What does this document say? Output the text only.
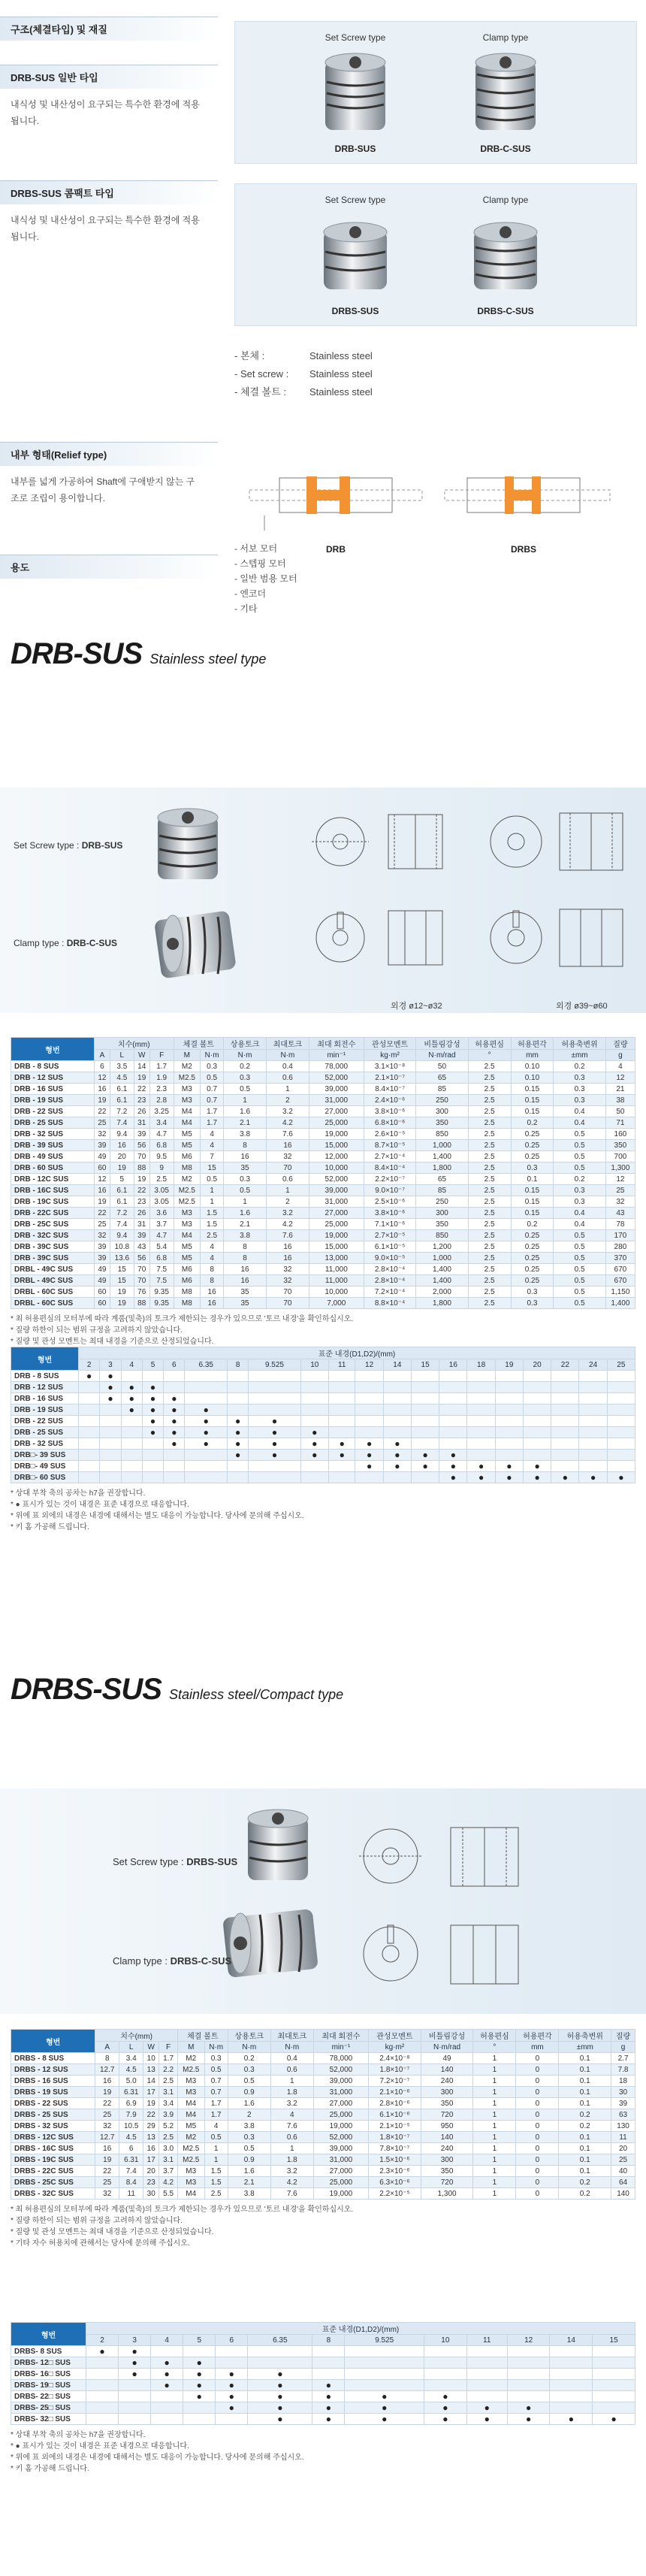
구조(체결타입) 및 재질
DRB-SUS 일반 타입
내식성 및 내산성이 요구되는 특수한 환경에 적용됩니다.
Set Screw type	Clamp type
DRB-SUS	DRB-C-SUS
DRBS-SUS 콤팩트 타입
내식성 및 내산성이 요구되는 특수한 환경에 적용됩니다.
Set Screw type	Clamp type
DRBS-SUS	DRBS-C-SUS
- 본체 :	Stainless steel
- Set screw : Stainless steel
- 체결 볼트 : Stainless steel
내부 형태(Relief type)
내부를 넓게 가공하여 Shaft에 구애받지 않는 구조로 조립이 용이합니다.
DRB	DRBS
용도
- 서보 모터
- 스텝핑 모터
- 일반 범용 모터
- 엔코더
- 기타
DRB-SUS Stainless steel type
Set Screw type : DRB-SUS
Clamp type : DRB-C-SUS
외경 ø12~ø32	외경 ø39~ø60
형번	치수(mm)				체결 볼트		상용토크	최대토크	최대 회전수	관성모멘트	비틀림강성	허용편심	허용편각	허용축변위	질량
	A	L	W	F	M	N·m	N·m	N·m	min⁻¹	kg·m²	N·m/rad	°	mm	±mm	g
DRB - 8 SUS	6	3.5	14	1.7	M2	0.3	0.2	0.4	78,000	3.1×10⁻⁸	50	2.5	0.10	0.2	4
DRB - 12 SUS	12	4.5	19	1.9	M2.5	0.5	0.3	0.6	52,000	2.1×10⁻⁷	65	2.5	0.10	0.3	12
DRB - 16 SUS	16	6.1	22	2.3	M3	0.7	0.5	1	39,000	8.4×10⁻⁷	85	2.5	0.15	0.3	21
DRB - 19 SUS	19	6.1	23	2.8	M3	0.7	1	2	31,000	2.4×10⁻⁶	250	2.5	0.15	0.3	38
DRB - 22 SUS	22	7.2	26	3.25	M4	1.7	1.6	3.2	27,000	3.8×10⁻⁶	300	2.5	0.15	0.4	50
DRB - 25 SUS	25	7.4	31	3.4	M4	1.7	2.1	4.2	25,000	6.8×10⁻⁶	350	2.5	0.2	0.4	71
DRB - 32 SUS	32	9.4	39	4.7	M5	4	3.8	7.6	19,000	2.6×10⁻⁵	850	2.5	0.25	0.5	160
DRB - 39 SUS	39	16	56	6.8	M5	4	8	16	15,000	8.7×10⁻⁵	1,000	2.5	0.25	0.5	350
DRB - 49 SUS	49	20	70	9.5	M6	7	16	32	12,000	2.7×10⁻⁴	1,400	2.5	0.25	0.5	700
DRB - 60 SUS	60	19	88	9	M8	15	35	70	10,000	8.4×10⁻⁴	1,800	2.5	0.3	0.5	1,300
DRB - 12C SUS	12	5	19	2.5	M2	0.5	0.3	0.6	52,000	2.2×10⁻⁷	65	2.5	0.1	0.2	12
DRB - 16C SUS	16	6.1	22	3.05	M2.5	1	0.5	1	39,000	9.0×10⁻⁷	85	2.5	0.15	0.3	25
DRB - 19C SUS	19	6.1	23	3.05	M2.5	1	1	2	31,000	2.5×10⁻⁶	250	2.5	0.15	0.3	32
DRB - 22C SUS	22	7.2	26	3.6	M3	1.5	1.6	3.2	27,000	3.8×10⁻⁶	300	2.5	0.15	0.4	43
DRB - 25C SUS	25	7.4	31	3.7	M3	1.5	2.1	4.2	25,000	7.1×10⁻⁶	350	2.5	0.2	0.4	78
DRB - 32C SUS	32	9.4	39	4.7	M4	2.5	3.8	7.6	19,000	2.7×10⁻⁵	850	2.5	0.25	0.5	170
DRB - 39C SUS	39	10.8	43	5.4	M5	4	8	16	15,000	6.1×10⁻⁵	1,200	2.5	0.25	0.5	280
DRB - 39C SUS	39	13.6	56	6.8	M5	4	8	16	13,000	9.0×10⁻⁵	1,000	2.5	0.25	0.5	370
DRBL - 49C SUS	49	15	70	7.5	M6	8	16	32	11,000	2.8×10⁻⁴	1,400	2.5	0.25	0.5	670
DRBL - 49C SUS	49	15	70	7.5	M6	8	16	32	11,000	2.8×10⁻⁴	1,400	2.5	0.25	0.5	670
DRBL - 60C SUS	60	19	76	9.35	M8	16	35	70	10,000	7.2×10⁻⁴	2,000	2.5	0.3	0.5	1,150
DRBL - 60C SUS	60	19	88	9.35	M8	16	35	70	7,000	8.8×10⁻⁴	1,800	2.5	0.3	0.5	1,400
* 최 허용편심의 모터부에 따라 계품(및축)의 토크가 제한되는 경우가 있으므로 '토르 내경'을 확인하십시오.
* 질량 하한이 되는 범위 규정을 고려하지 않았습니다.
* 질량 및 관성 모멘트는 최대 내경을 기준으로 산정되었습니다.
형번	표준 내경(D1,D2)/(mm)																			
	2	3	4	5	6	6.35	8	9.525	10	11	12	14	15	16	18	19	20	22	24	25
DRB - 8 SUS	●	●																		
DRB - 12 SUS		●	●	●																
DRB - 16 SUS		●	●	●	●															
DRB - 19 SUS			●	●	●	●														
DRB - 22 SUS				●	●	●	●	●												
DRB - 25 SUS				●	●	●	●	●	●											
DRB - 32 SUS					●	●	●	●	●	●	●	●								
DRB□- 39 SUS							●	●	●	●	●	●	●	●						
DRB□- 49 SUS											●	●	●	●	●	●	●			
DRB□- 60 SUS														●	●	●	●	●	●	●
* 상대 부착 축의 공차는 h7을 권장합니다.
* ● 표시가 있는 것이 내경은 표준 내경으로 대응합니다.
* 위에 표 외에의 내경은 내경에 대해서는 별도 대응이 가능합니다. 당사에 문의해 주십시오.
* 키 홈 가공해 드립니다.
DRBS-SUS Stainless steel/Compact type
Set Screw type : DRBS-SUS
Clamp type : DRBS-C-SUS
형번	치수(mm)				체결 볼트		상용토크	최대토크	최대 회전수	관성모멘트	비틀림강성	허용편심	허용편각	허용축변위	질량
	A	L	W	F	M	N·m	N·m	N·m	min⁻¹	kg·m²	N·m/rad	°	mm	±mm	g
DRBS - 8 SUS	8	3.4	10	1.7	M2	0.3	0.2	0.4	78,000	2.4×10⁻⁸	49	1	0	0.1	2.7
DRBS - 12 SUS	12.7	4.5	13	2.2	M2.5	0.5	0.3	0.6	52,000	1.8×10⁻⁷	140	1	0	0.1	7.8
DRBS - 16 SUS	16	5.0	14	2.5	M3	0.7	0.5	1	39,000	7.2×10⁻⁷	240	1	0	0.1	18
DRBS - 19 SUS	19	6.31	17	3.1	M3	0.7	0.9	1.8	31,000	2.1×10⁻⁶	300	1	0	0.1	30
DRBS - 22 SUS	22	6.9	19	3.4	M4	1.7	1.6	3.2	27,000	2.8×10⁻⁶	350	1	0	0.1	39
DRBS - 25 SUS	25	7.9	22	3.9	M4	1.7	2	4	25,000	6.1×10⁻⁶	720	1	0	0.2	63
DRBS - 32 SUS	32	10.5	29	5.2	M5	4	3.8	7.6	19,000	2.1×10⁻⁵	950	1	0	0.2	130
DRBS - 12C SUS	12.7	4.5	13	2.5	M2	0.5	0.3	0.6	52,000	1.8×10⁻⁷	140	1	0	0.1	11
DRBS - 16C SUS	16	6	16	3.0	M2.5	1	0.5	1	39,000	7.8×10⁻⁷	240	1	0	0.1	20
DRBS - 19C SUS	19	6.31	17	3.1	M2.5	1	0.9	1.8	31,000	1.5×10⁻⁶	300	1	0	0.1	25
DRBS - 22C SUS	22	7.4	20	3.7	M3	1.5	1.6	3.2	27,000	2.3×10⁻⁶	350	1	0	0.1	40
DRBS - 25C SUS	25	8.4	23	4.2	M3	1.5	2.1	4.2	25,000	6.3×10⁻⁶	720	1	0	0.2	64
DRBS - 32C SUS	32	11	30	5.5	M4	2.5	3.8	7.6	19,000	2.2×10⁻⁵	1,300	1	0	0.2	140
* 최 허용편심의 모터부에 따라 계품(및축)의 토크가 제한되는 경우가 있으므로 '토르 내경'을 확인하십시오.
* 질량 하한이 되는 범위 규정을 고려하지 않았습니다.
* 질량 및 관성 모멘트는 최대 내경을 기준으로 산정되었습니다.
* 기타 자수 허용치에 관해서는 당사에 문의해 주십시오.
형번	표준 내경(D1,D2)/(mm)												
	2	3	4	5	6	6.35	8	9.525	10	11	12	14	15
DRBS- 8 SUS	●	●											
DRBS- 12□ SUS		●	●	●									
DRBS- 16□ SUS		●	●	●	●	●							
DRBS- 19□ SUS			●	●	●	●	●						
DRBS- 22□ SUS				●	●	●	●	●	●				
DRBS- 25□ SUS					●	●	●	●	●	●	●		
DRBS- 32□ SUS						●	●	●	●	●	●	●	●
* 상대 부착 축의 공차는 h7을 권장합니다.
* ● 표시가 있는 것이 내경은 표준 내경으로 대응합니다.
* 위에 표 외에의 내경은 내경에 대해서는 별도 대응이 가능합니다. 당사에 문의해 주십시오.
* 키 홈 가공해 드립니다.
